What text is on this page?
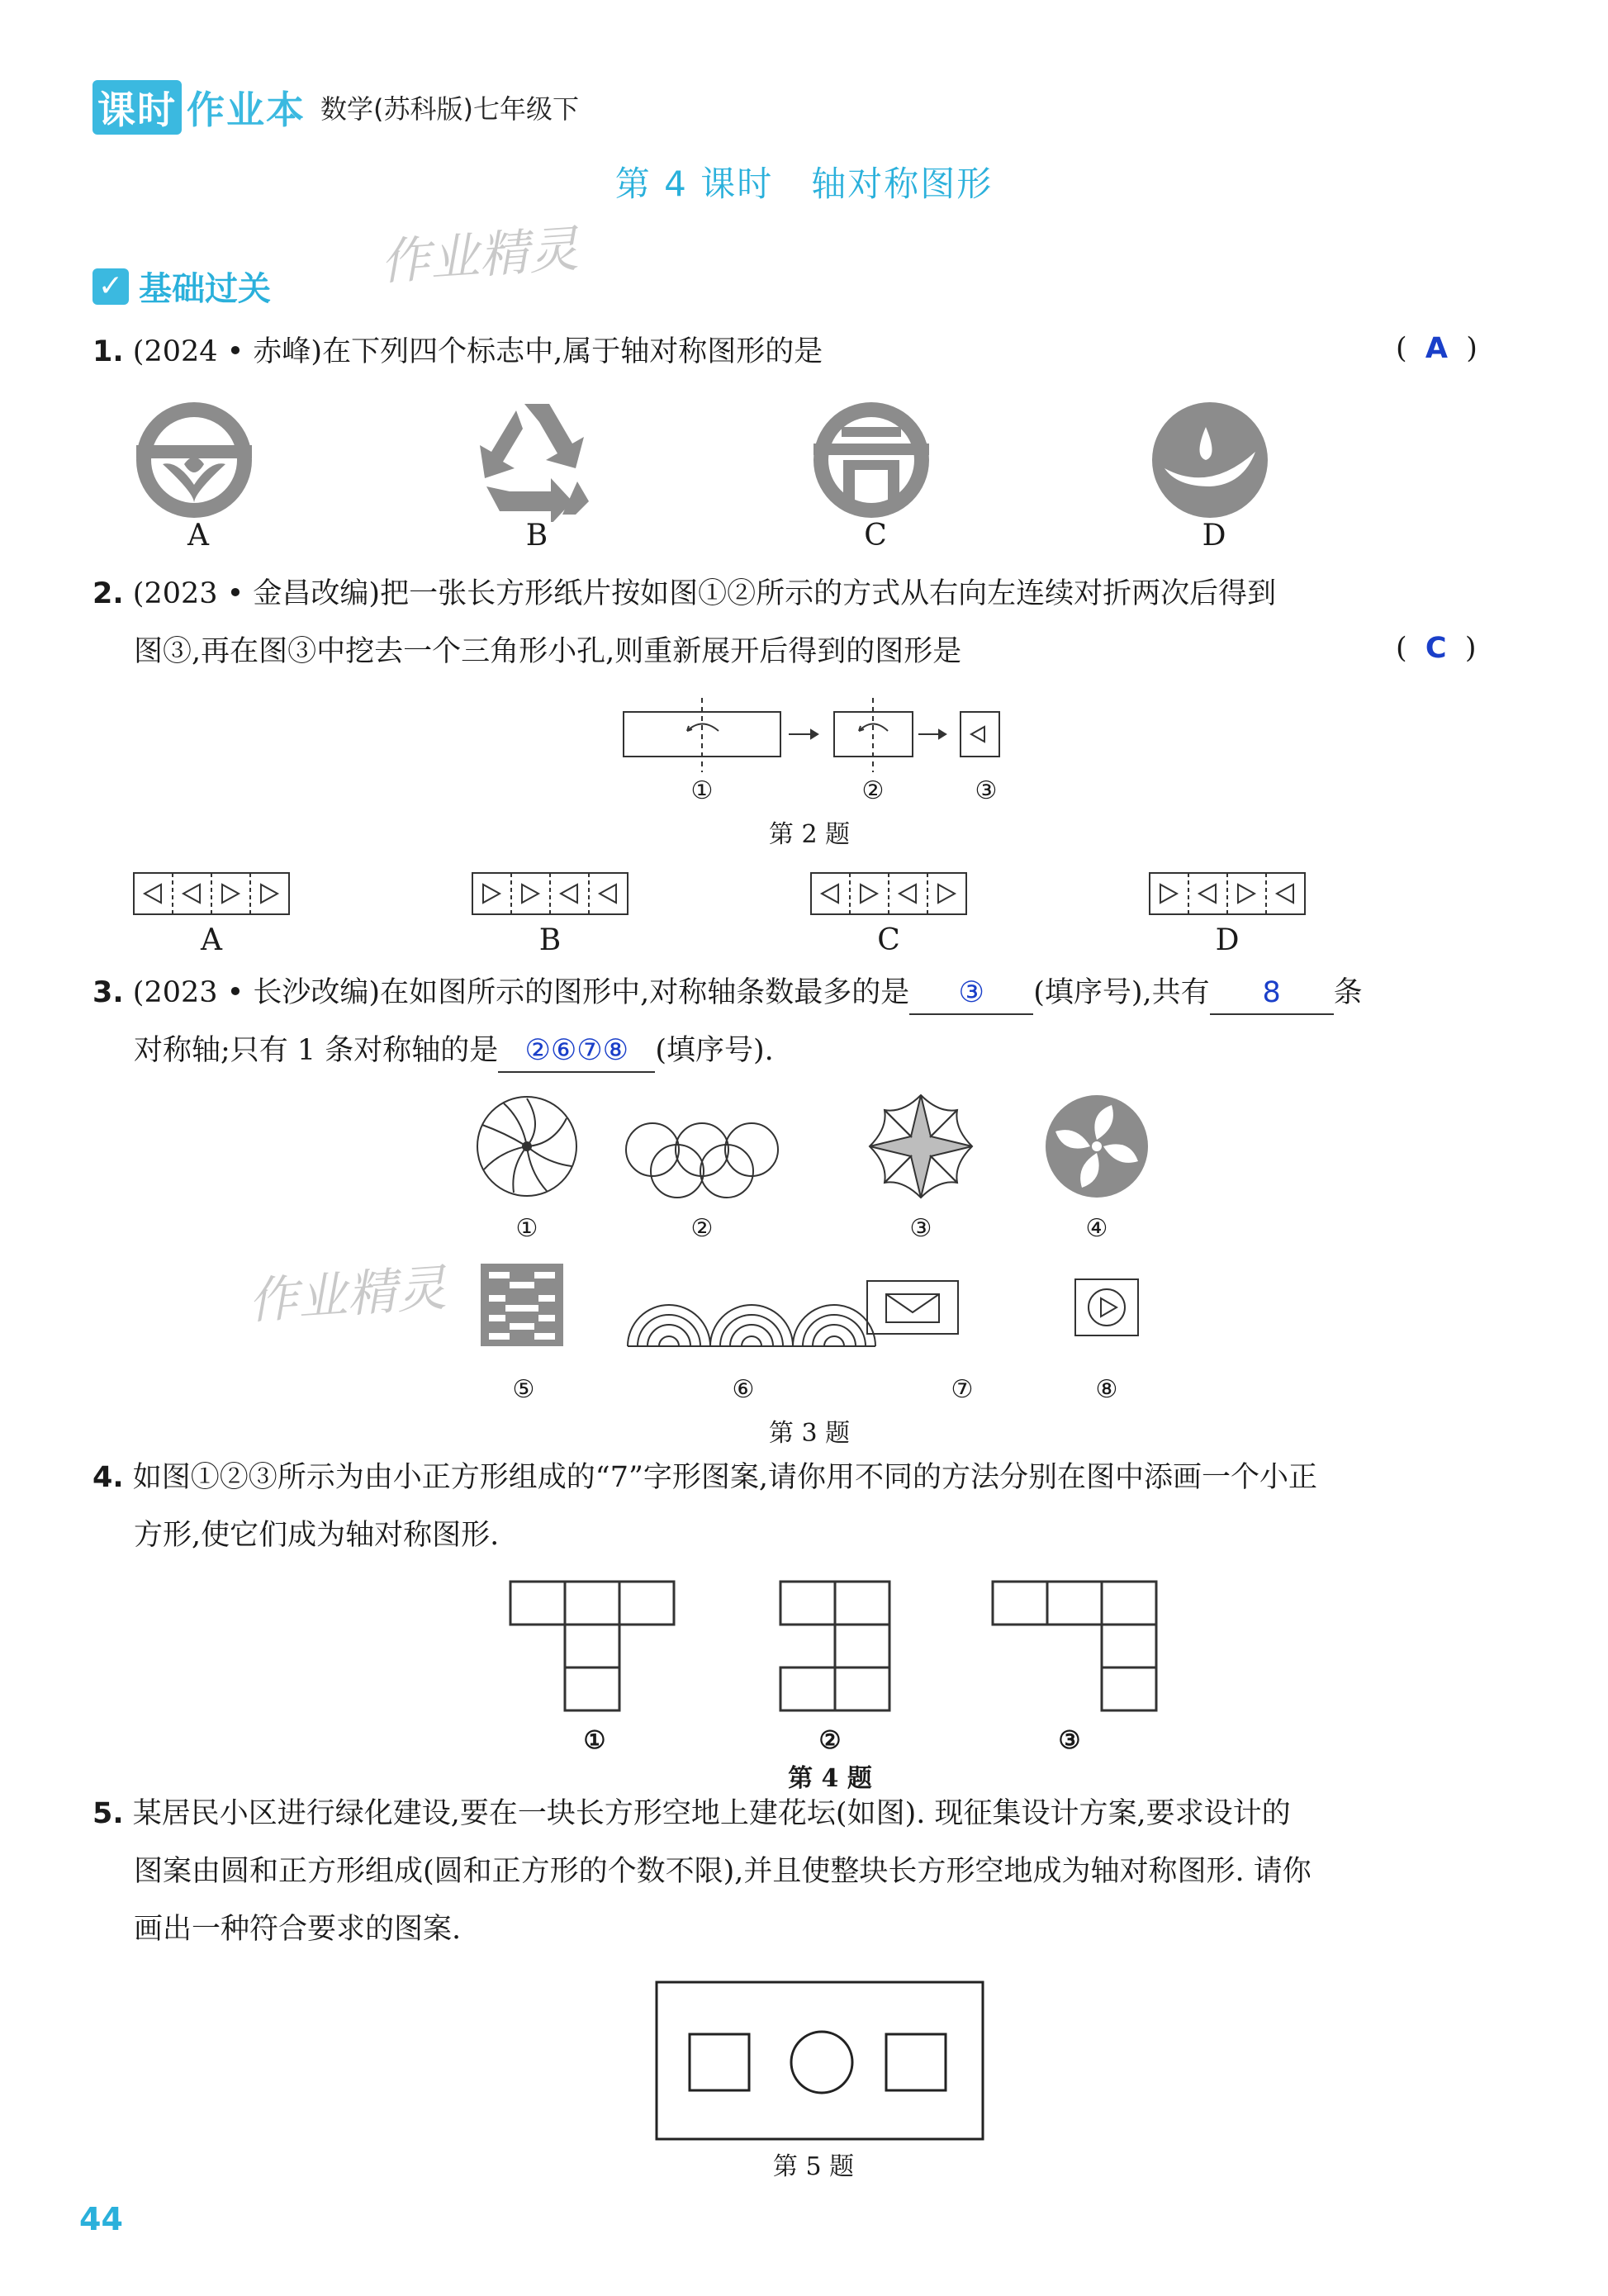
课时 作业本 数学(苏科版)七年级下
第 4 课时 轴对称图形
作业精灵
✓ 基础过关
1. (2024 • 赤峰)在下列四个标志中,属于轴对称图形的是	(  A  )
A	B	C	D
2. (2023 • 金昌改编)把一张长方形纸片按如图①②所示的方式从右向左连续对折两次后得到
图③,再在图③中挖去一个三角形小孔,则重新展开后得到的图形是	(  C  )
①	②	③
第 2 题
A	B	C	D
3. (2023 • 长沙改编)在如图所示的图形中,对称轴条数最多的是 ③ (填序号),共有 8 条
对称轴;只有 1 条对称轴的是 ②⑥⑦⑧ (填序号).
①	②	③	④
⑤	⑥	⑦	⑧
第 3 题
作业精灵
4. 如图①②③所示为由小正方形组成的“7”字形图案,请你用不同的方法分别在图中添画一个小正
方形,使它们成为轴对称图形.
①	②	③
第 4 题
5. 某居民小区进行绿化建设,要在一块长方形空地上建花坛(如图). 现征集设计方案,要求设计的
图案由圆和正方形组成(圆和正方形的个数不限),并且使整块长方形空地成为轴对称图形. 请你
画出一种符合要求的图案.
第 5 题
44
